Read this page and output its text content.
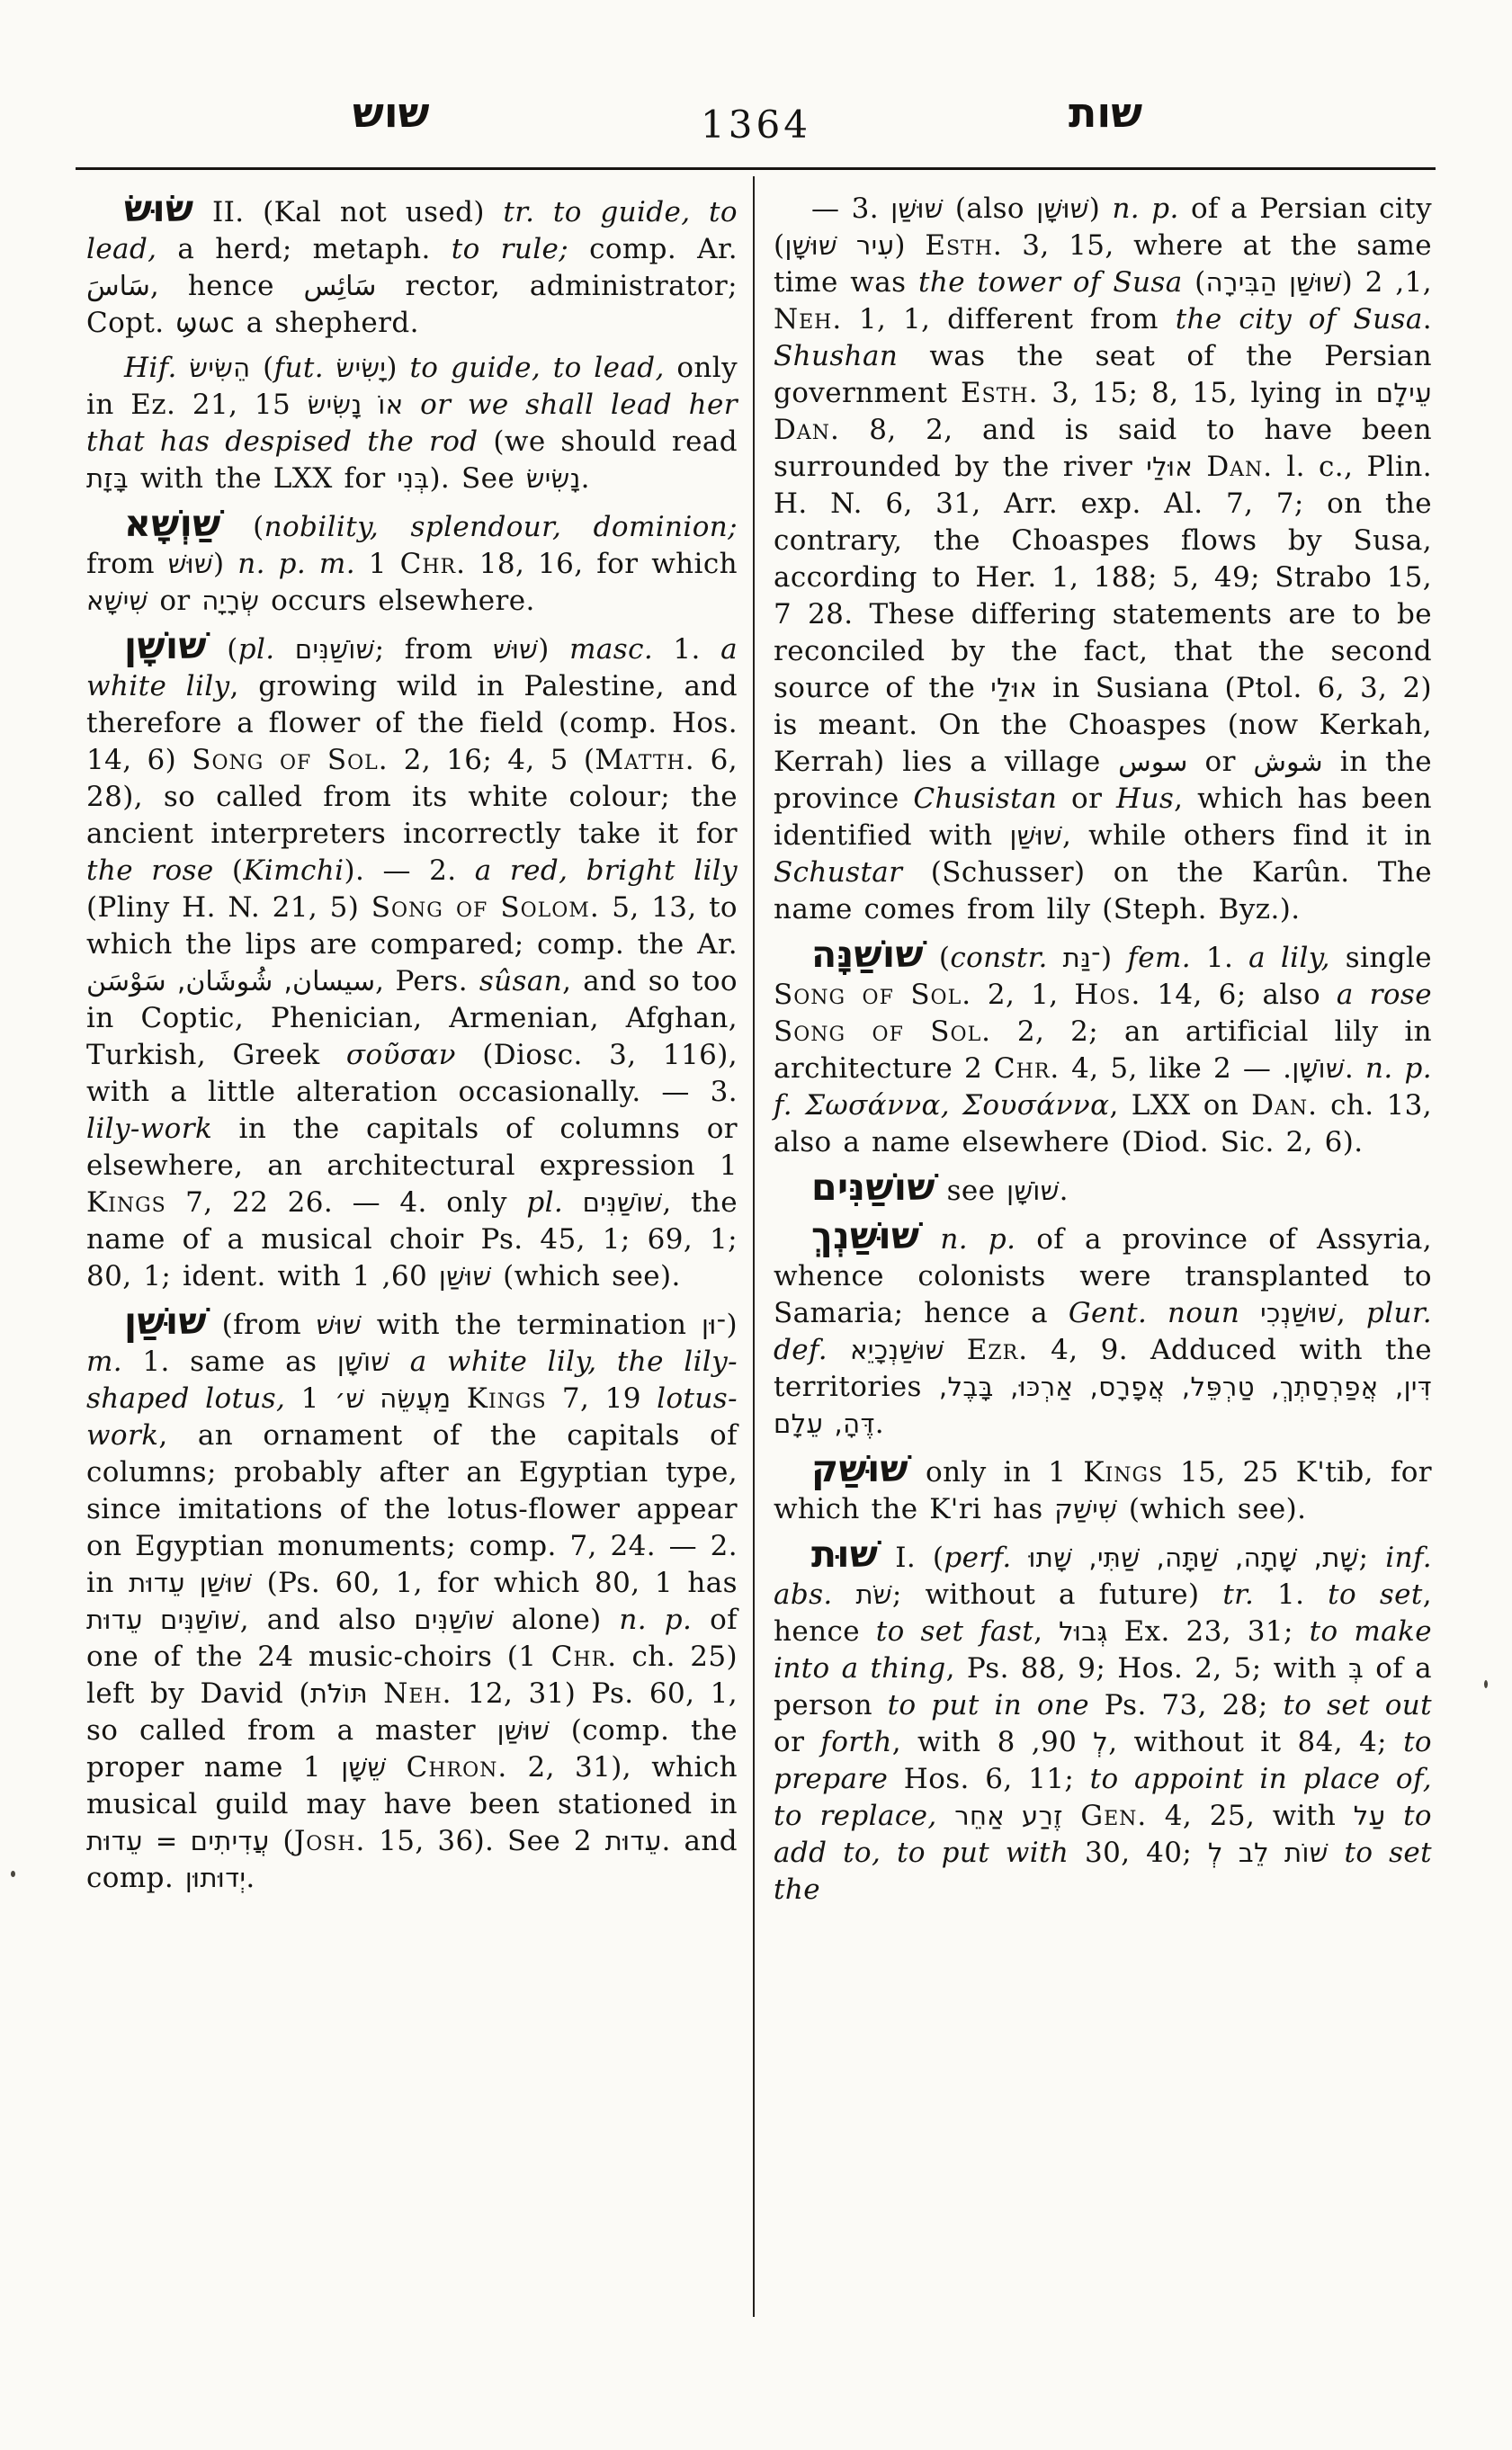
שוש	1364	שות

שׂוּשׂ II. (Kal not used) tr. to guide, to lead, a herd; metaph. to rule; comp. Ar. سَاسَ, hence سَائِس rector, administrator; Copt. ϣωc a shepherd.

Hif. הֵשִׂישׂ (fut. יָשִׂישׂ) to guide, to lead, only in Ez. 21, 15 אוֹ נָשִׂישׂ or we shall lead her that has despised the rod (we should read בָּזָת with the LXX for בְּנִי). See נָשִׂישׂ.

שַׁוְשָׁא (nobility, splendour, dominion; from שׁוּשׁ) n. p. m. 1 Chr. 18, 16, for which שִׁישָׁא or שְׂרָיָה occurs elsewhere.

שׁוֹשָׁן (pl. שׁוֹשַׁנִּים; from שׁוּשׁ) masc. 1. a white lily, growing wild in Palestine, and therefore a flower of the field (comp. Hos. 14, 6) Song of Sol. 2, 16; 4, 5 (Matth. 6, 28), so called from its white colour; the ancient interpreters incorrectly take it for the rose (Kimchi). — 2. a red, bright lily (Pliny H. N. 21, 5) Song of Solom. 5, 13, to which the lips are compared; comp. the Ar. سيسان, شُوشَان, سَوْسَن, Pers. sûsan, and so too in Coptic, Phenician, Armenian, Afghan, Turkish, Greek σοῦσαν (Diosc. 3, 116), with a little alteration occasionally. — 3. lily-work in the capitals of columns or elsewhere, an architectural expression 1 Kings 7, 22 26. — 4. only pl. שׁוֹשַׁנִּים, the name of a musical choir Ps. 45, 1; 69, 1; 80, 1; ident. with	שׁוּשַׁן 60, 1 (which see).

שׁוּשַׁן (from שׁוּשׁ with the termination ־וּן) m. 1. same as שׁוֹשָׁן a white lily, the lily-shaped lotus, מַעֲשֵׂה שׁ׳ 1 Kings 7, 19 lotus-work, an ornament of the capitals of columns; probably after an Egyptian type, since imitations of the lotus-flower appear on Egyptian monuments; comp. 7, 24. — 2. in שׁוּשַׁן עֵדוּת (Ps. 60, 1, for which 80, 1 has שׁוֹשַׁנִּים עֵדוּת, and also שׁוֹשַׁנִּים alone) n. p. of one of the 24 music-choirs (1 Chr. ch. 25) left by David (תּוֹלֹת Neh. 12, 31) Ps. 60, 1, so called from a master שׁוּשַׁן (comp. the proper name שֵׁשָׁן 1 Chron. 2, 31), which musical guild may have been stationed in עֲדִיתִים = עֵדוּת (Josh. 15, 36). See עֵדוּת 2. and comp. יְדוּתוּן.

— 3. שׁוּשַׁן (also שׁוּשָׁן) n. p. of a Persian city (עִיר שׁוּשָׁן) Esth. 3, 15, where at the same time was the tower of Susa (שׁוּשַׁן הַבִּירָה) 1, 2, Neh. 1, 1, different from the city of Susa. Shushan was the seat of the Persian government Esth. 3, 15; 8, 15, lying in עֵילָם Dan. 8, 2, and is said to have been surrounded by the river אוּלַי Dan. l. c., Plin. H. N. 6, 31, Arr. exp. Al. 7, 7; on the contrary, the Choaspes flows by Susa, according to Her. 1, 188; 5, 49; Strabo 15, 7 28. These differing statements are to be reconciled by the fact, that the second source of the אוּלַי in Susiana (Ptol. 6, 3, 2) is meant. On the Choaspes (now Kerkah, Kerrah) lies a village سوس or شوش in the province Chusistan or Hus, which has been identified with שׁוּשַׁן, while others find it in Schustar (Schusser) on the Karûn. The name comes from lily (Steph. Byz.).

שׁוֹשַׁנָּה (constr. ־נַּת) fem. 1. a lily, single Song of Sol. 2, 1, Hos. 14, 6; also a rose Song of Sol. 2, 2; an artificial lily in architecture 2 Chr. 4, 5, like	שׁוֹשָׁן. — 2. n. p. f. Σωσάννα, Σουσάννα, LXX on Dan. ch. 13, also a name elsewhere (Diod. Sic. 2, 6).

שׁוֹשַׁנִּים see שׁוֹשָׁן.

שׁוּשַׁנְךְ n. p. of a province of Assyria, whence colonists were transplanted to Samaria; hence a Gent. noun שׁוּשַׁנְכִי, plur. def. שׁוּשַׁנְכָיֵא Ezr. 4, 9. Adduced with the territories דִּין, אֲפַרְסַתְךְ, טַרְפֵּל, אֲפָרָס, אַרְכּוּ, בָּבֶל, דֶּהָ, עֵלָם.

שׁוּשַׁק only in 1 Kings 15, 25 K'tib, for which the K'ri has שִׁישַׁק (which see).

שׁוּת I. (perf. שָׁת, שָׁתָה, שַׁתָּה, שַׁתִּי, שָׁתוּ; inf. abs. שֹׁת; without a future) tr. 1. to set, hence to set fast, גְּבוּל Ex. 23, 31; to make into a thing, Ps. 88, 9; Hos. 2, 5; with בְּ of a person to put in one Ps. 73, 28; to set out or forth, with	לְ 90, 8, without it 84, 4; to prepare Hos. 6, 11; to appoint in place of, to replace, זֶרַע אַחֵר Gen. 4, 25, with עַל to add to, to put with 30, 40; שׁוֹת לֵב לְ to set the
